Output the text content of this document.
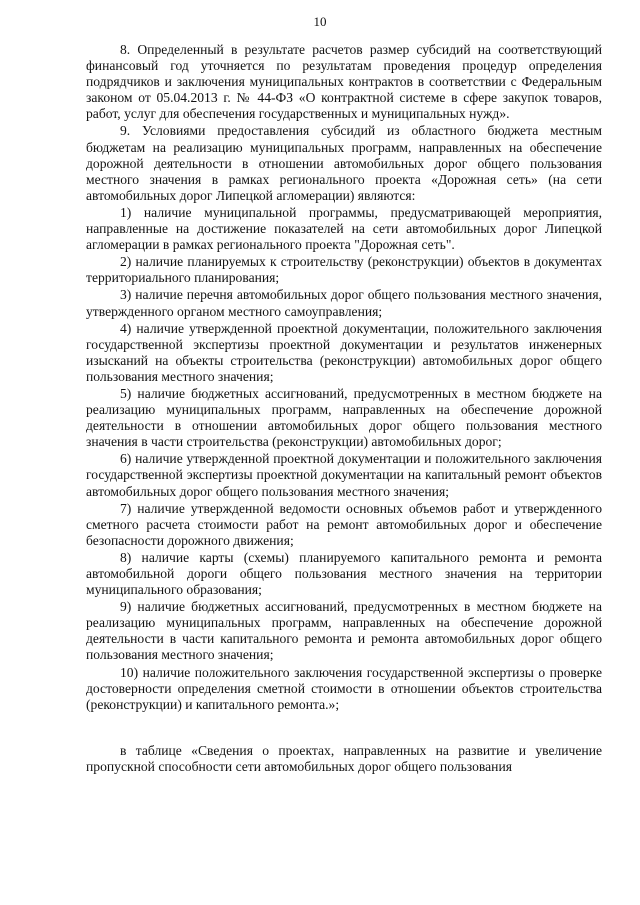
10

8. Определенный в результате расчетов размер субсидий на соответствующий финансовый год уточняется по результатам проведения процедур определения подрядчиков и заключения муниципальных контрактов в соответствии с Федеральным законом от 05.04.2013 г. № 44-ФЗ «О контрактной системе в сфере закупок товаров, работ, услуг для обеспечения государственных и муниципальных нужд».

9. Условиями предоставления субсидий из областного бюджета местным бюджетам на реализацию муниципальных программ, направленных на обеспечение дорожной деятельности в отношении автомобильных дорог общего пользования местного значения в рамках регионального проекта «Дорожная сеть» (на сети автомобильных дорог Липецкой агломерации) являются:

1) наличие муниципальной программы, предусматривающей мероприятия, направленные на достижение показателей на сети автомобильных дорог Липецкой агломерации в рамках регионального проекта "Дорожная сеть".

2) наличие планируемых к строительству (реконструкции) объектов в документах территориального планирования;

3) наличие перечня автомобильных дорог общего пользования местного значения, утвержденного органом местного самоуправления;

4) наличие утвержденной проектной документации, положительного заключения государственной экспертизы проектной документации и результатов инженерных изысканий на объекты строительства (реконструкции) автомобильных дорог общего пользования местного значения;

5) наличие бюджетных ассигнований, предусмотренных в местном бюджете на реализацию муниципальных программ, направленных на обеспечение дорожной деятельности в отношении автомобильных дорог общего пользования местного значения в части строительства (реконструкции) автомобильных дорог;

6) наличие утвержденной проектной документации и положительного заключения государственной экспертизы проектной документации на капитальный ремонт объектов автомобильных дорог общего пользования местного значения;

7) наличие утвержденной ведомости основных объемов работ и утвержденного сметного расчета стоимости работ на ремонт автомобильных дорог и обеспечение безопасности дорожного движения;

8) наличие карты (схемы) планируемого капитального ремонта и ремонта автомобильной дороги общего пользования местного значения на территории муниципального образования;

9) наличие бюджетных ассигнований, предусмотренных в местном бюджете на реализацию муниципальных программ, направленных на обеспечение дорожной деятельности в части капитального ремонта и ремонта автомобильных дорог общего пользования местного значения;

10) наличие положительного заключения государственной экспертизы о проверке достоверности определения сметной стоимости в отношении объектов строительства (реконструкции) и капитального ремонта.»;

в таблице «Сведения о проектах, направленных на развитие и увеличение пропускной способности сети автомобильных дорог общего пользования
